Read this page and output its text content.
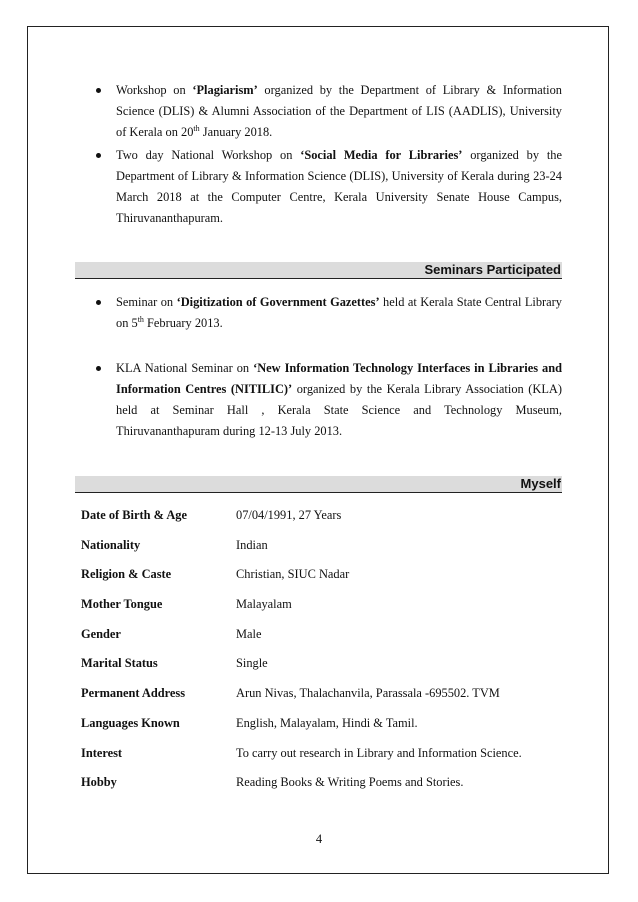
Workshop on ‘Plagiarism’ organized by the Department of Library & Information Science (DLIS) & Alumni Association of the Department of LIS (AADLIS), University of Kerala on 20th January 2018.
Two day National Workshop on ‘Social Media for Libraries’ organized by the Department of Library & Information Science (DLIS), University of Kerala during 23-24 March 2018 at the Computer Centre, Kerala University Senate House Campus, Thiruvananthapuram.
Seminars Participated
Seminar on ‘Digitization of Government Gazettes’ held at Kerala State Central Library on 5th February 2013.
KLA National Seminar on ‘New Information Technology Interfaces in Libraries and Information Centres (NITILIC)’ organized by the Kerala Library Association (KLA) held at Seminar Hall , Kerala State Science and Technology Museum, Thiruvananthapuram during 12-13 July 2013.
Myself
Date of Birth & Age	07/04/1991, 27 Years
Nationality	Indian
Religion & Caste	Christian, SIUC Nadar
Mother Tongue	Malayalam
Gender	Male
Marital Status	Single
Permanent Address	Arun Nivas, Thalachanvila, Parassala -695502. TVM
Languages Known	English, Malayalam, Hindi & Tamil.
Interest	To carry out research in Library and Information Science.
Hobby	Reading Books & Writing Poems and Stories.
4
